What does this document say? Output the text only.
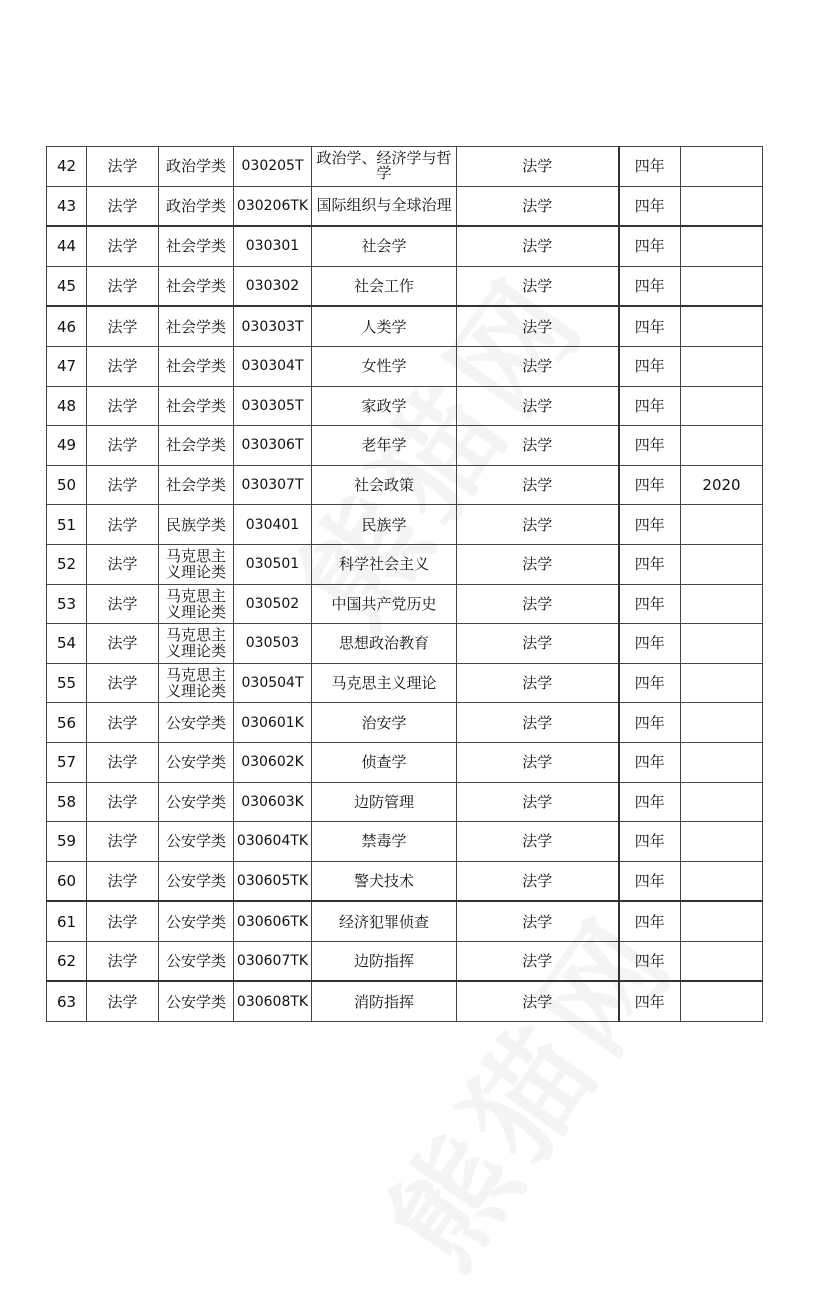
42	法学	政治学类	030205T	政治学、经济学与哲学	法学	四年	
43	法学	政治学类	030206TK	国际组织与全球治理	法学	四年	
44	法学	社会学类	030301	社会学	法学	四年	
45	法学	社会学类	030302	社会工作	法学	四年	
46	法学	社会学类	030303T	人类学	法学	四年	
47	法学	社会学类	030304T	女性学	法学	四年	
48	法学	社会学类	030305T	家政学	法学	四年	
49	法学	社会学类	030306T	老年学	法学	四年	
50	法学	社会学类	030307T	社会政策	法学	四年	2020
51	法学	民族学类	030401	民族学	法学	四年	
52	法学	马克思主义理论类	030501	科学社会主义	法学	四年	
53	法学	马克思主义理论类	030502	中国共产党历史	法学	四年	
54	法学	马克思主义理论类	030503	思想政治教育	法学	四年	
55	法学	马克思主义理论类	030504T	马克思主义理论	法学	四年	
56	法学	公安学类	030601K	治安学	法学	四年	
57	法学	公安学类	030602K	侦查学	法学	四年	
58	法学	公安学类	030603K	边防管理	法学	四年	
59	法学	公安学类	030604TK	禁毒学	法学	四年	
60	法学	公安学类	030605TK	警犬技术	法学	四年	
61	法学	公安学类	030606TK	经济犯罪侦查	法学	四年	
62	法学	公安学类	030607TK	边防指挥	法学	四年	
63	法学	公安学类	030608TK	消防指挥	法学	四年	
